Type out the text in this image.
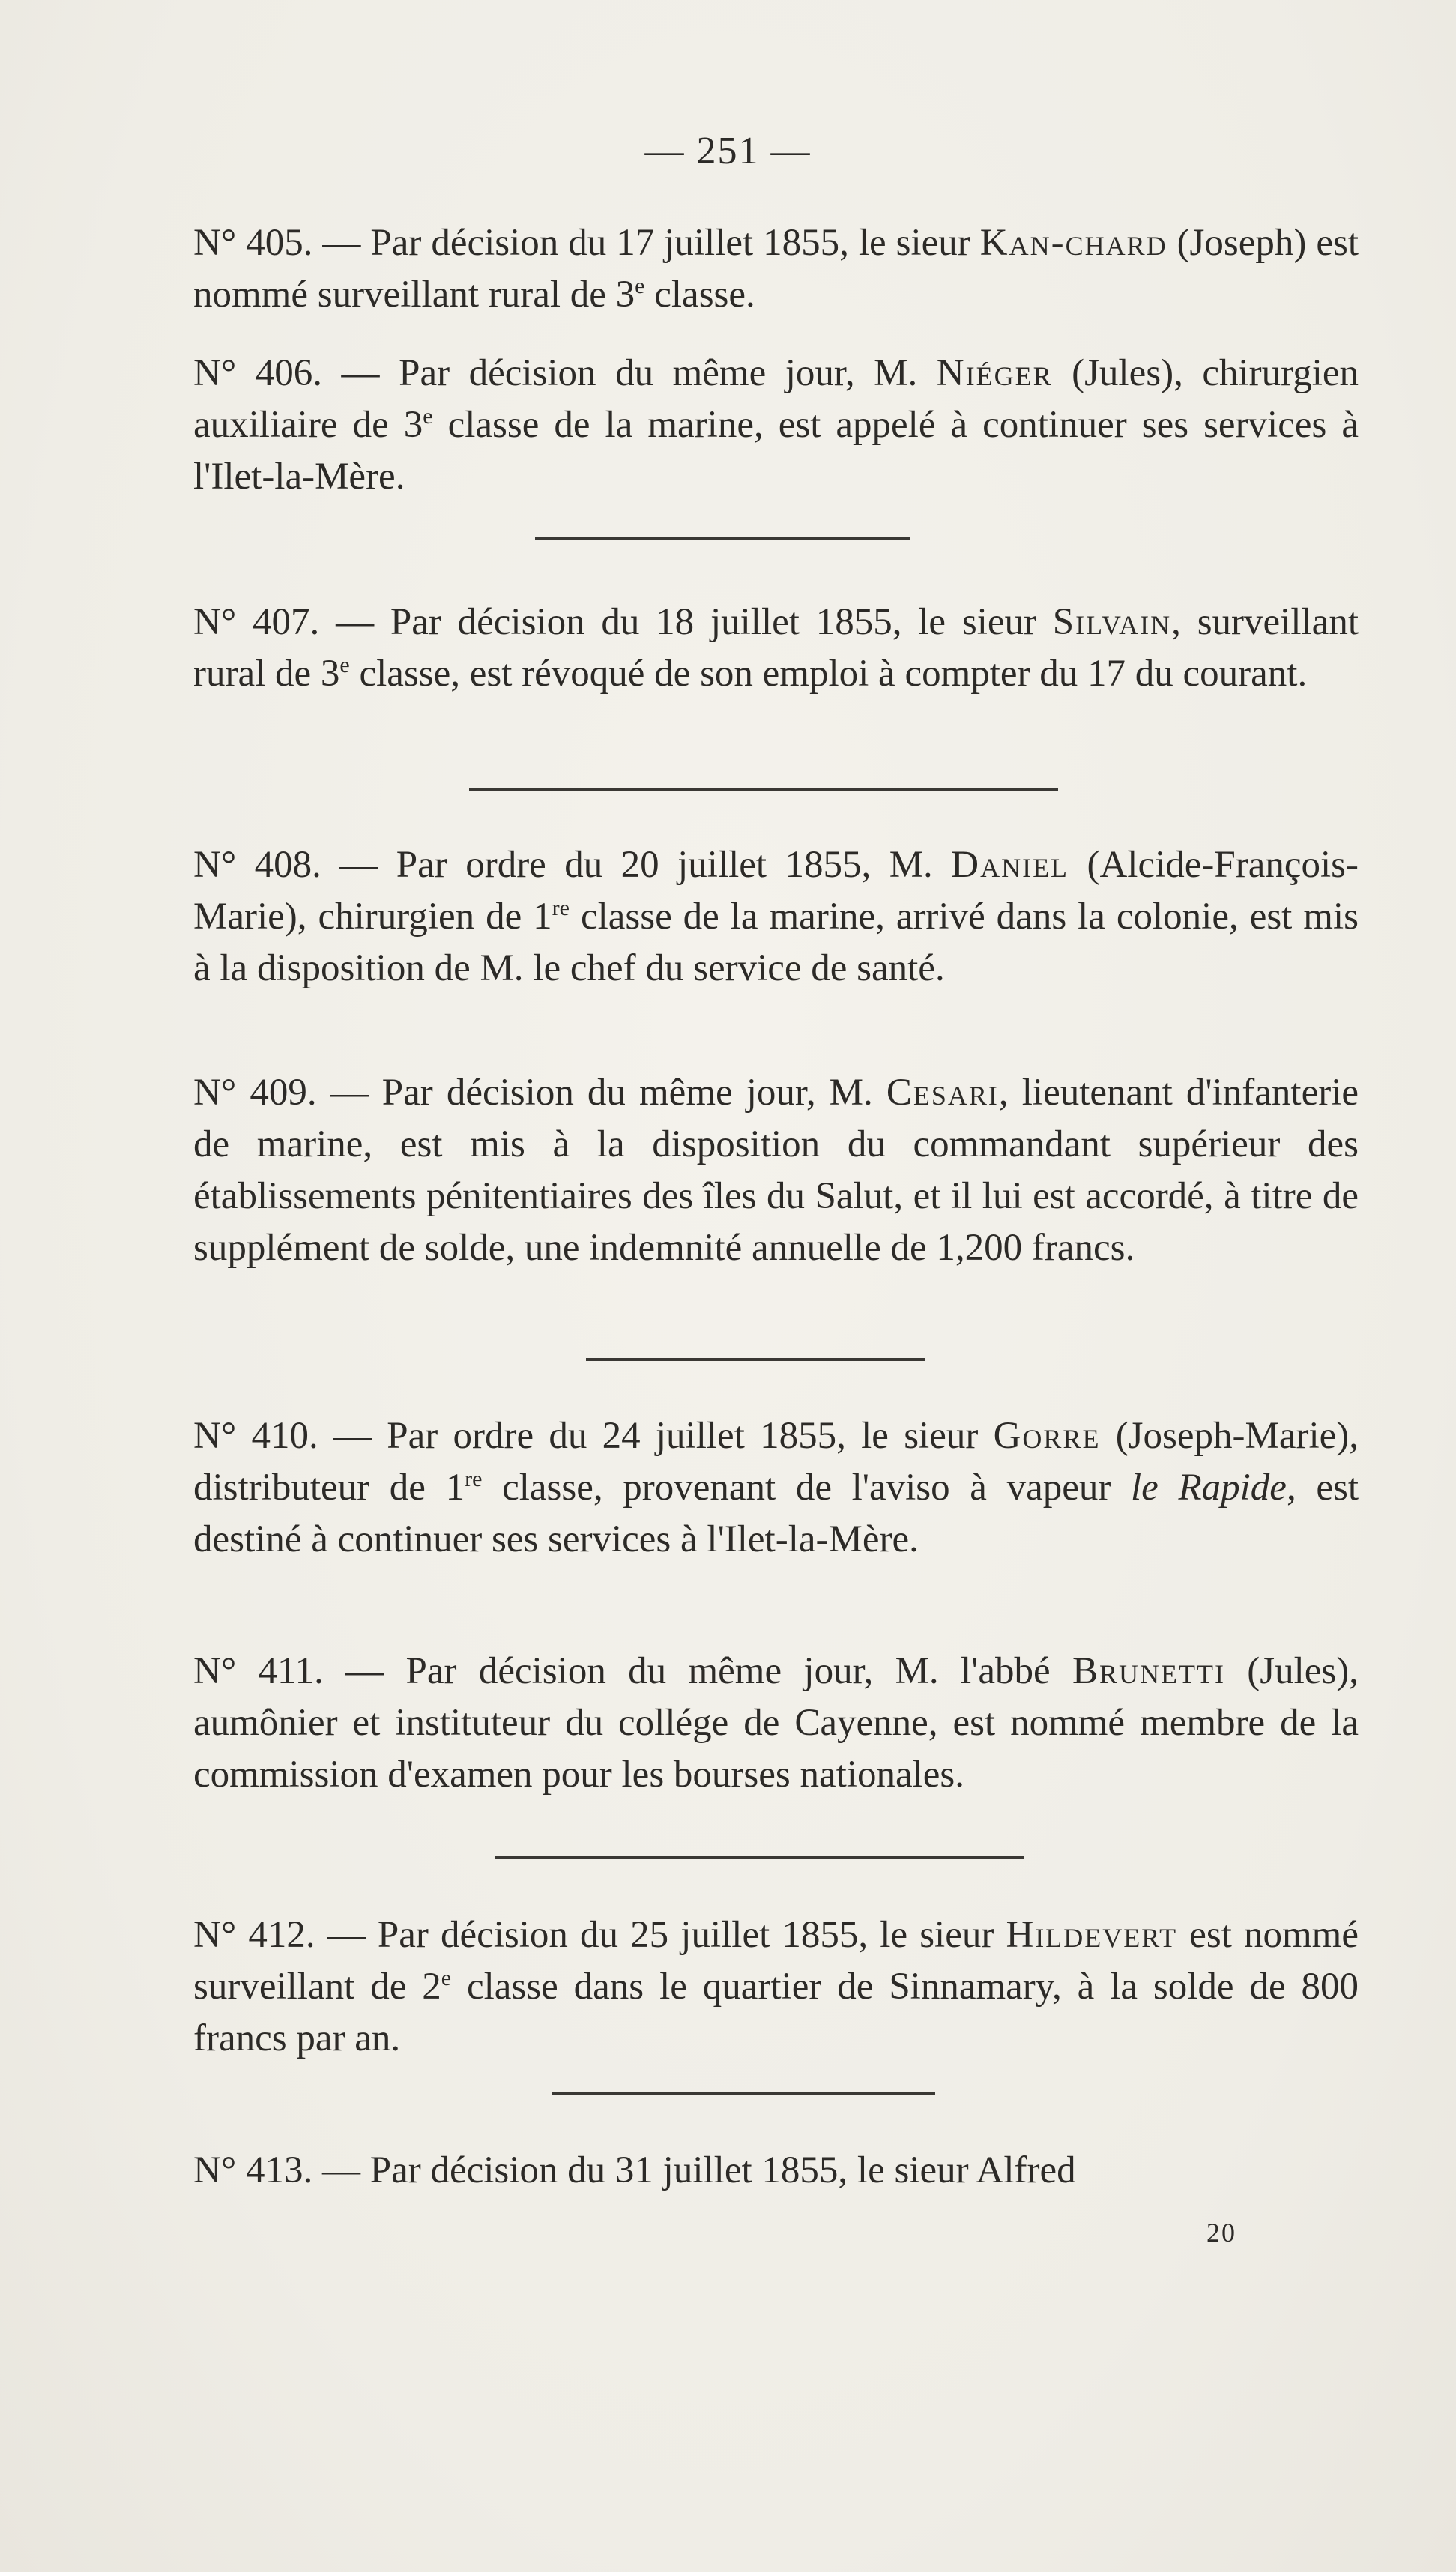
— 251 —
N° 405. — Par décision du 17 juillet 1855, le sieur Kan-chard (Joseph) est nommé surveillant rural de 3e classe.
N° 406. — Par décision du même jour, M. Niéger (Jules), chirurgien auxiliaire de 3e classe de la marine, est appelé à continuer ses services à l'Ilet-la-Mère.
N° 407. — Par décision du 18 juillet 1855, le sieur Silvain, surveillant rural de 3e classe, est révoqué de son emploi à compter du 17 du courant.
N° 408. — Par ordre du 20 juillet 1855, M. Daniel (Alcide-François-Marie), chirurgien de 1re classe de la marine, arrivé dans la colonie, est mis à la disposition de M. le chef du service de santé.
N° 409. — Par décision du même jour, M. Cesari, lieutenant d'infanterie de marine, est mis à la disposition du commandant supérieur des établissements pénitentiaires des îles du Salut, et il lui est accordé, à titre de supplément de solde, une indemnité annuelle de 1,200 francs.
N° 410. — Par ordre du 24 juillet 1855, le sieur Gorre (Joseph-Marie), distributeur de 1re classe, provenant de l'aviso à vapeur le Rapide, est destiné à continuer ses services à l'Ilet-la-Mère.
N° 411. — Par décision du même jour, M. l'abbé Brunetti (Jules), aumônier et instituteur du collége de Cayenne, est nommé membre de la commission d'examen pour les bourses nationales.
N° 412. — Par décision du 25 juillet 1855, le sieur Hildevert est nommé surveillant de 2e classe dans le quartier de Sinnamary, à la solde de 800 francs par an.
N° 413. — Par décision du 31 juillet 1855, le sieur Alfred
20
